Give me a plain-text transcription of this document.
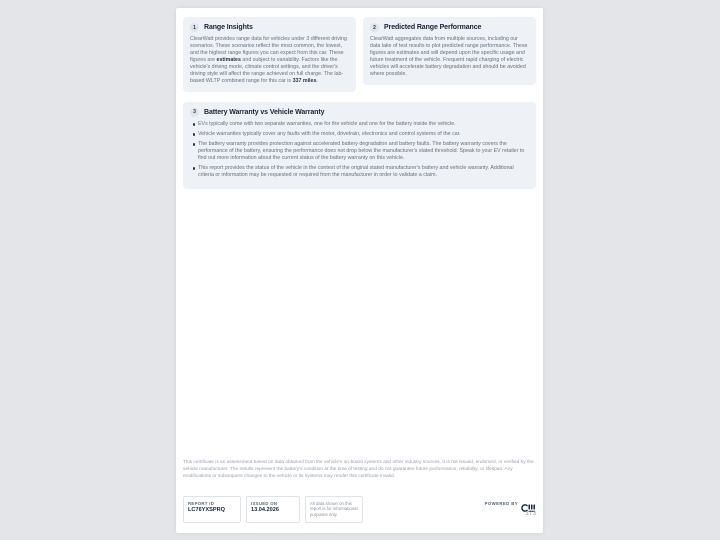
1	Range Insights
ClearWatt provides range data for vehicles under 3 different driving scenarios. These scenarios reflect the most common, the lowest, and the highest range figures you can expect from this car. These figures are estimates and subject to variability. Factors like the vehicle's driving mode, climate control settings, and the driver's driving style will affect the range achieved on full charge. The lab-based WLTP combined range for this car is 337 miles.
2	Predicted Range Performance
ClearWatt aggregates data from multiple sources, including our data lake of test results to plot predicted range performance. These figures are estimates and will depend upon the specific usage and future treatment of the vehicle. Frequent rapid charging of electric vehicles will accelerate battery degradation and should be avoided where possible.
3	Battery Warranty vs Vehicle Warranty
EVs typically come with two separate warranties, one for the vehicle and one for the battery inside the vehicle.
Vehicle warranties typically cover any faults with the motor, drivetrain, electronics and control systems of the car.
The battery warranty provides protection against accelerated battery degradation and battery faults. The battery warranty covers the performance of the battery, ensuring the performance does not drop below the manufacturer's stated threshold. Speak to your EV retailer to find out more information about the current status of the battery warranty on this vehicle.
This report provides the status of the vehicle in the context of the original stated manufacturer's battery and vehicle warranty. Additional criteria or information may be requested or required from the manufacturer in order to validate a claim.
This certificate is an assessment based on data obtained from the vehicle's on-board systems and other industry sources. It is not issued, endorsed, or verified by the vehicle manufacturer. The results represent the battery's condition at the time of testing and do not guarantee future performance, reliability, or lifespan. Any modifications or subsequent changes to the vehicle or its systems may render this certificate invalid.
REPORT ID
LC76YXSPRQ
ISSUED ON
13.04.2026
All data shown on this report is for informational purposes only.
POWERED BY
3 / 3
